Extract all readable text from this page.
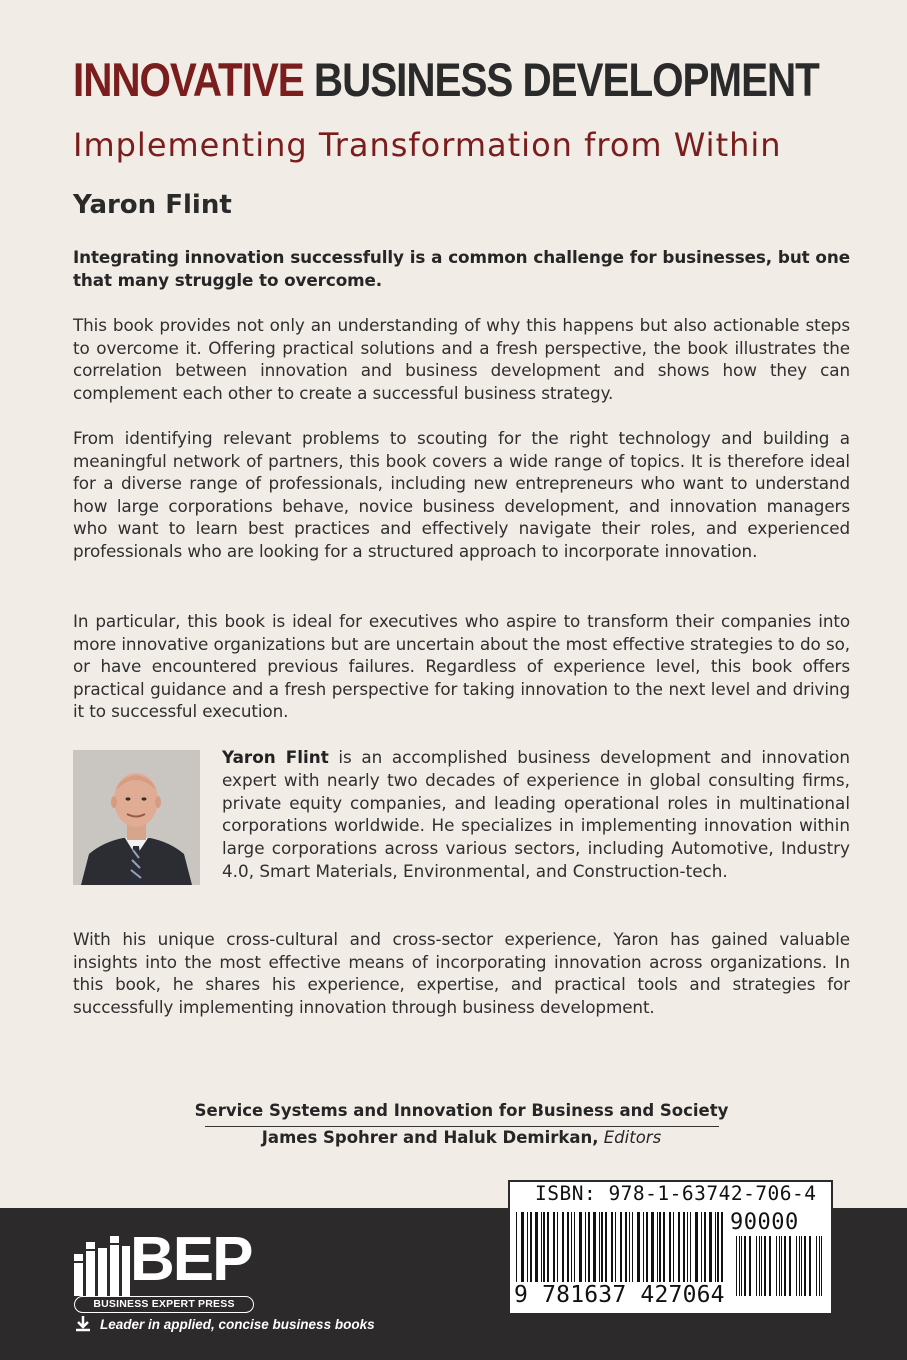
INNOVATIVE BUSINESS DEVELOPMENT
Implementing Transformation from Within
Yaron Flint

Integrating innovation successfully is a common challenge for businesses, but one that many struggle to overcome.

This book provides not only an understanding of why this happens but also actionable steps to overcome it. Offering practical solutions and a fresh perspective, the book illustrates the correlation between innovation and business development and shows how they can complement each other to create a successful business strategy.

From identifying relevant problems to scouting for the right technology and building a meaningful network of partners, this book covers a wide range of topics. It is therefore ideal for a diverse range of professionals, including new entrepreneurs who want to understand how large corporations behave, novice business development, and innovation managers who want to learn best practices and effectively navigate their roles, and experienced professionals who are looking for a structured approach to incorporate innovation.

In particular, this book is ideal for executives who aspire to transform their companies into more innovative organizations but are uncertain about the most effective strategies to do so, or have encountered previous failures. Regardless of experience level, this book offers practical guidance and a fresh perspective for taking innovation to the next level and driving it to successful execution.

Yaron Flint is an accomplished business development and innovation expert with nearly two decades of experience in global consulting firms, private equity companies, and leading operational roles in multinational corporations worldwide. He specializes in implementing innovation within large corporations across various sectors, including Automotive, Industry 4.0, Smart Materials, Environmental, and Construction-tech.

With his unique cross-cultural and cross-sector experience, Yaron has gained valuable insights into the most effective means of incorporating innovation across organizations. In this book, he shares his experience, expertise, and practical tools and strategies for successfully implementing innovation through business development.

Service Systems and Innovation for Business and Society
James Spohrer and Haluk Demirkan, Editors
BEP
BUSINESS EXPERT PRESS
Leader in applied, concise business books
ISBN: 978-1-63742-706-4
90000
9 781637 427064
